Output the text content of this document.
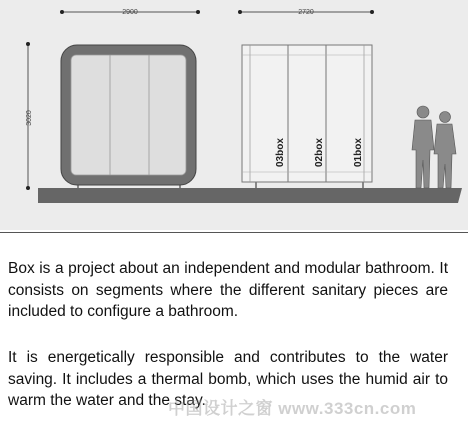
2900	2720
3020
03box	02box	01box

Box is a project about an independent and modular bathroom. It consists on segments where the different sanitary pieces are included to configure a bathroom.

It is energetically responsible and contributes to the water saving. It includes a thermal bomb, which uses the humid air to warm the water and the stay.

中国设计之窗 www.333cn.com
